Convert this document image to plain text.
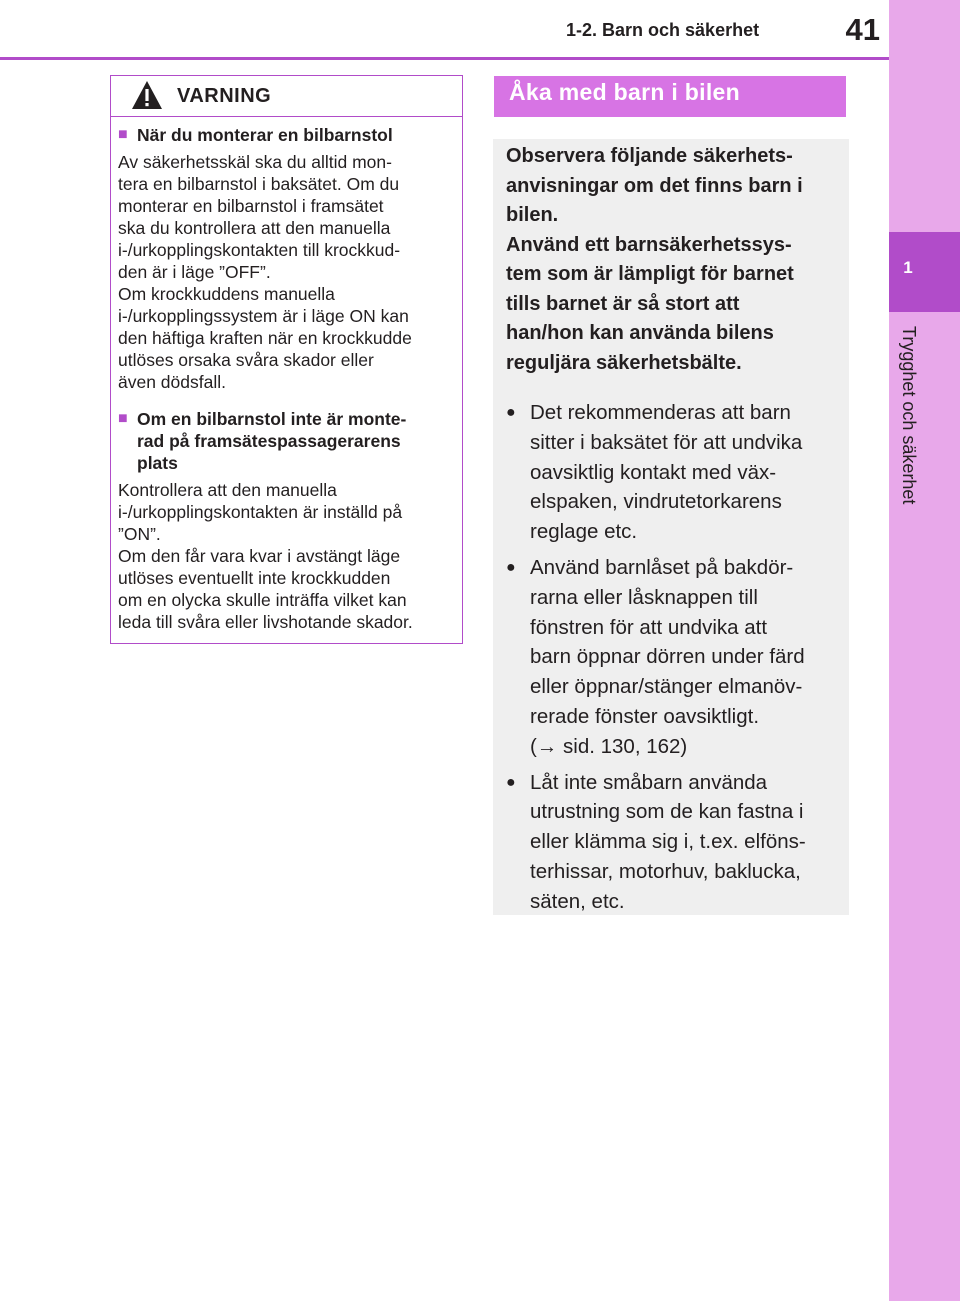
1
Trygghet och säkerhet
1-2. Barn och säkerhet	41
VARNING
■ När du monterar en bilbarnstol
Av säkerhetsskäl ska du alltid mon-
tera en bilbarnstol i baksätet. Om du
monterar en bilbarnstol i framsätet
ska du kontrollera att den manuella
i-/urkopplingskontakten till krockkud-
den är i läge ”OFF”.
Om krockkuddens manuella
i-/urkopplingssystem är i läge ON kan
den häftiga kraften när en krockkudde
utlöses orsaka svåra skador eller
även dödsfall.
■ Om en bilbarnstol inte är monte-
rad på framsätespassagerarens
plats
Kontrollera att den manuella
i-/urkopplingskontakten är inställd på
”ON”.
Om den får vara kvar i avstängt läge
utlöses eventuellt inte krockkudden
om en olycka skulle inträffa vilket kan
leda till svåra eller livshotande skador.
Åka med barn i bilen
Observera följande säkerhets-
anvisningar om det finns barn i
bilen.
Använd ett barnsäkerhetssys-
tem som är lämpligt för barnet
tills barnet är så stort att
han/hon kan använda bilens
reguljära säkerhetsbälte.
● Det rekommenderas att barn
sitter i baksätet för att undvika
oavsiktlig kontakt med väx-
elspaken, vindrutetorkarens
reglage etc.
● Använd barnlåset på bakdör-
rarna eller låsknappen till
fönstren för att undvika att
barn öppnar dörren under färd
eller öppnar/stänger elmanöv-
rerade fönster oavsiktligt.
(→ sid. 130, 162)
● Låt inte småbarn använda
utrustning som de kan fastna i
eller klämma sig i, t.ex. elföns-
terhissar, motorhuv, baklucka,
säten, etc.
